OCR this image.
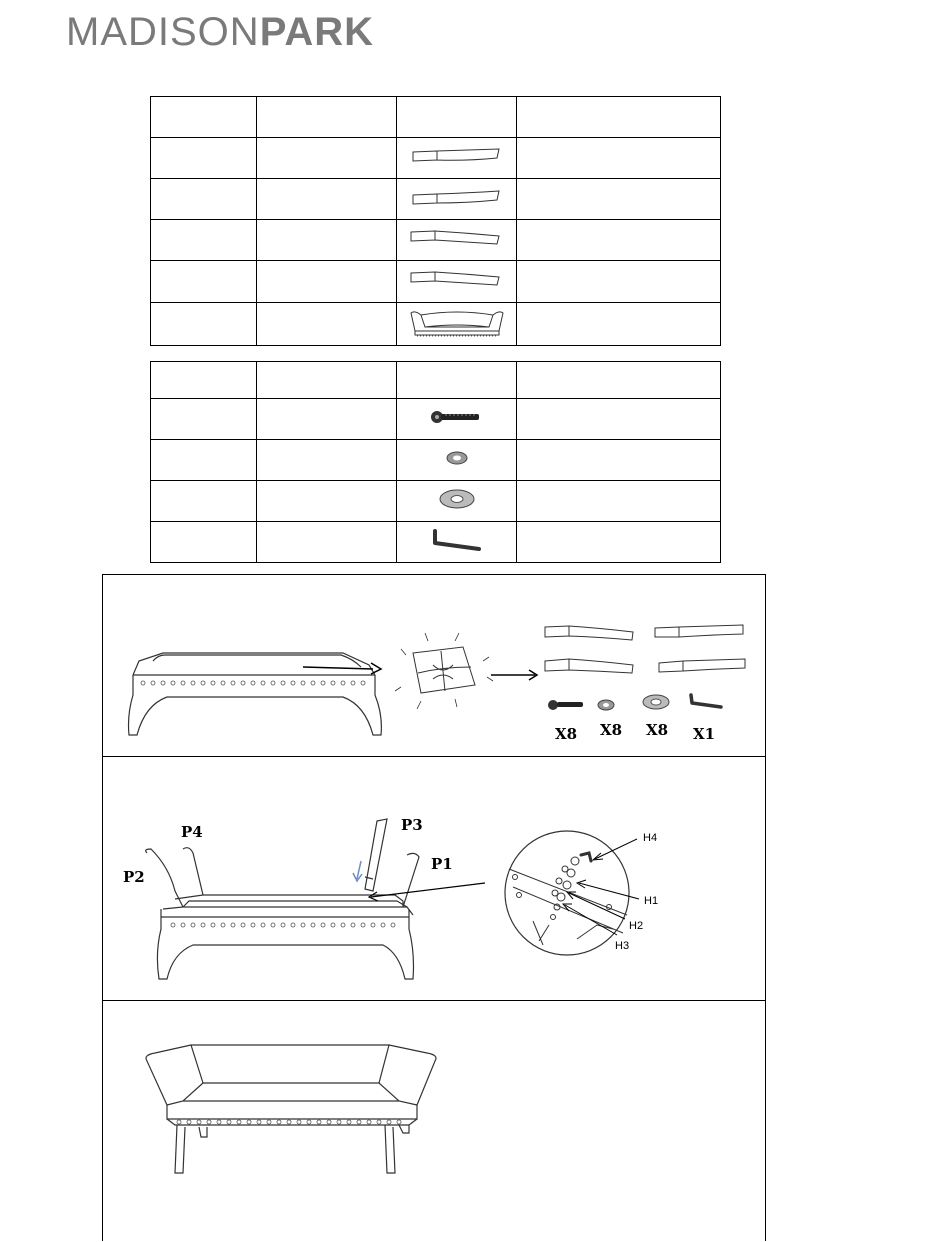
MADISONPARK

X8 X8 X8 X1
P4	P3
P2
P1
H4
H1
H2
H3
